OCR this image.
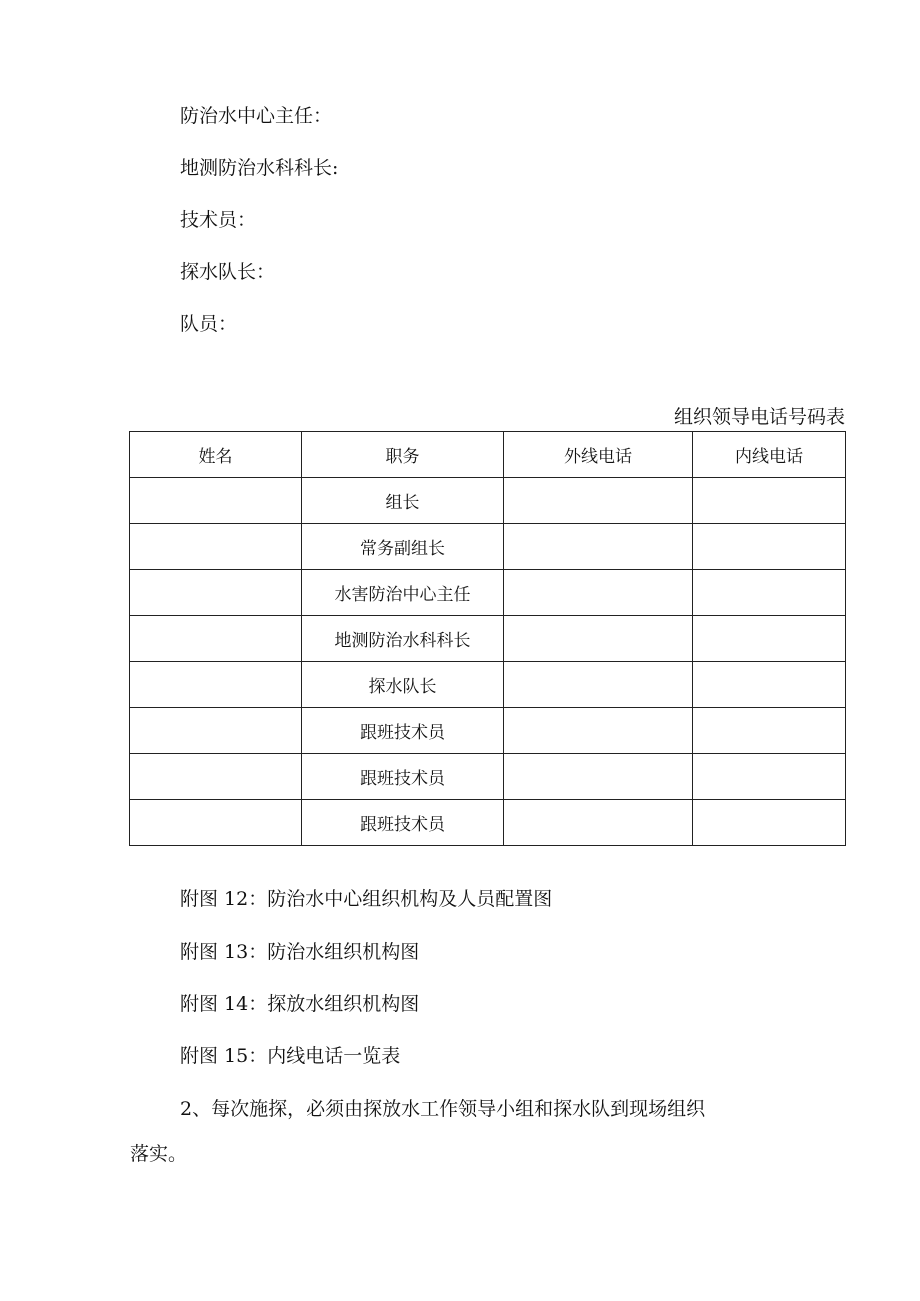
防治水中心主任：
地测防治水科科长:
技术员：
探水队长：
队员：
组织领导电话号码表
姓名	职务	外线电话	内线电话
	组长		
	常务副组长		
	水害防治中心主任		
	地测防治水科科长		
	探水队长		
	跟班技术员		
	跟班技术员		
	跟班技术员		
附图 12：防治水中心组织机构及人员配置图
附图 13：防治水组织机构图
附图 14：探放水组织机构图
附图 15：内线电话一览表
2、每次施探，必须由探放水工作领导小组和探水队到现场组织
落实。
